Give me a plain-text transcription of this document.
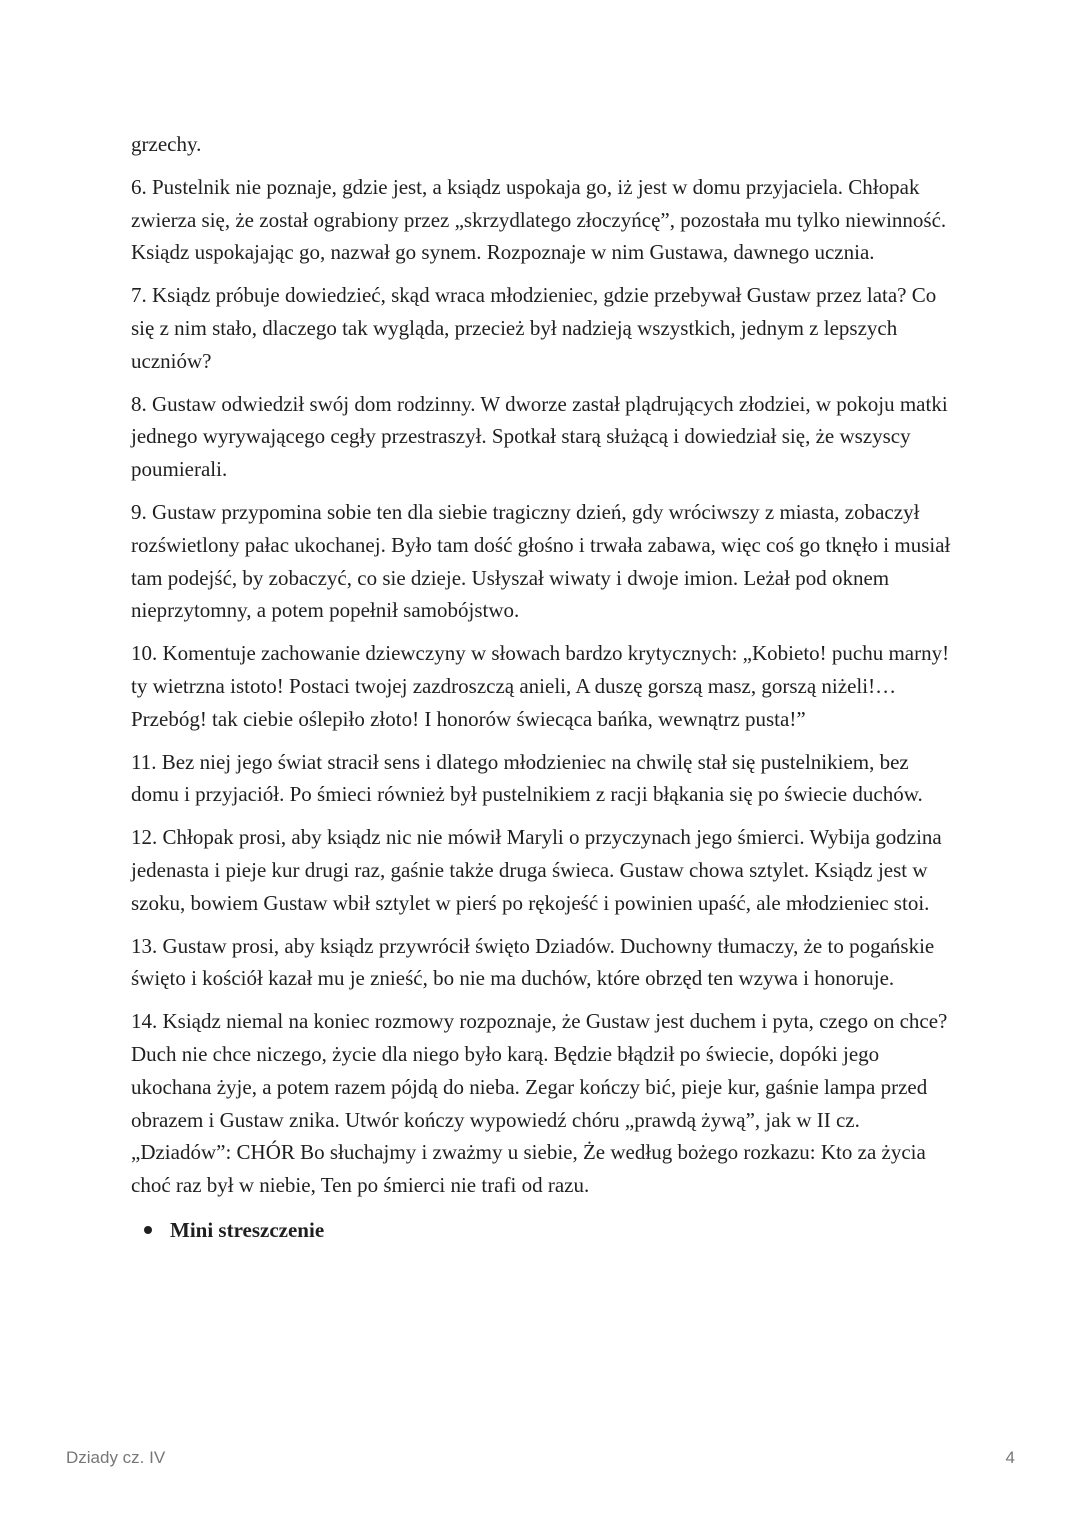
grzechy.

6. Pustelnik nie poznaje, gdzie jest, a ksiądz uspokaja go, iż jest w domu przyjaciela. Chłopak zwierza się, że został ograbiony przez „skrzydlatego złoczyńcę”, pozostała mu tylko niewinność. Ksiądz uspokajając go, nazwał go synem. Rozpoznaje w nim Gustawa, dawnego ucznia.

7. Ksiądz próbuje dowiedzieć, skąd wraca młodzieniec, gdzie przebywał Gustaw przez lata? Co się z nim stało, dlaczego tak wygląda, przecież był nadzieją wszystkich, jednym z lepszych uczniów?

8. Gustaw odwiedził swój dom rodzinny. W dworze zastał plądrujących złodziei, w pokoju matki jednego wyrywającego cegły przestraszył. Spotkał starą służącą i dowiedział się, że wszyscy poumierali.

9. Gustaw przypomina sobie ten dla siebie tragiczny dzień, gdy wróciwszy z miasta, zobaczył rozświetlony pałac ukochanej. Było tam dość głośno i trwała zabawa, więc coś go tknęło i musiał tam podejść, by zobaczyć, co sie dzieje. Usłyszał wiwaty i dwoje imion. Leżał pod oknem nieprzytomny, a potem popełnił samobójstwo.

10. Komentuje zachowanie dziewczyny w słowach bardzo krytycznych: „Kobieto! puchu marny! ty wietrzna istoto! Postaci twojej zazdroszczą anieli, A duszę gorszą masz, gorszą niżeli!… Przebóg! tak ciebie oślepiło złoto! I honorów świecąca bańka, wewnątrz pusta!”

11. Bez niej jego świat stracił sens i dlatego młodzieniec na chwilę stał się pustelnikiem, bez domu i przyjaciół. Po śmieci również był pustelnikiem z racji błąkania się po świecie duchów.

12. Chłopak prosi, aby ksiądz nic nie mówił Maryli o przyczynach jego śmierci. Wybija godzina jedenasta i pieje kur drugi raz, gaśnie także druga świeca. Gustaw chowa sztylet. Ksiądz jest w szoku, bowiem Gustaw wbił sztylet w pierś po rękojeść i powinien upaść, ale młodzieniec stoi.

13. Gustaw prosi, aby ksiądz przywrócił święto Dziadów. Duchowny tłumaczy, że to pogańskie święto i kościół kazał mu je znieść, bo nie ma duchów, które obrzęd ten wzywa i honoruje.

14. Ksiądz niemal na koniec rozmowy rozpoznaje, że Gustaw jest duchem i pyta, czego on chce? Duch nie chce niczego, życie dla niego było karą. Będzie błądził po świecie, dopóki jego ukochana żyje, a potem razem pójdą do nieba. Zegar kończy bić, pieje kur, gaśnie lampa przed obrazem i Gustaw znika. Utwór kończy wypowiedź chóru „prawdą żywą”, jak w II cz. „Dziadów”: CHÓR Bo słuchajmy i zważmy u siebie, Że według bożego rozkazu: Kto za życia choć raz był w niebie, Ten po śmierci nie trafi od razu.

Mini streszczenie
Dziady cz. IV	4
